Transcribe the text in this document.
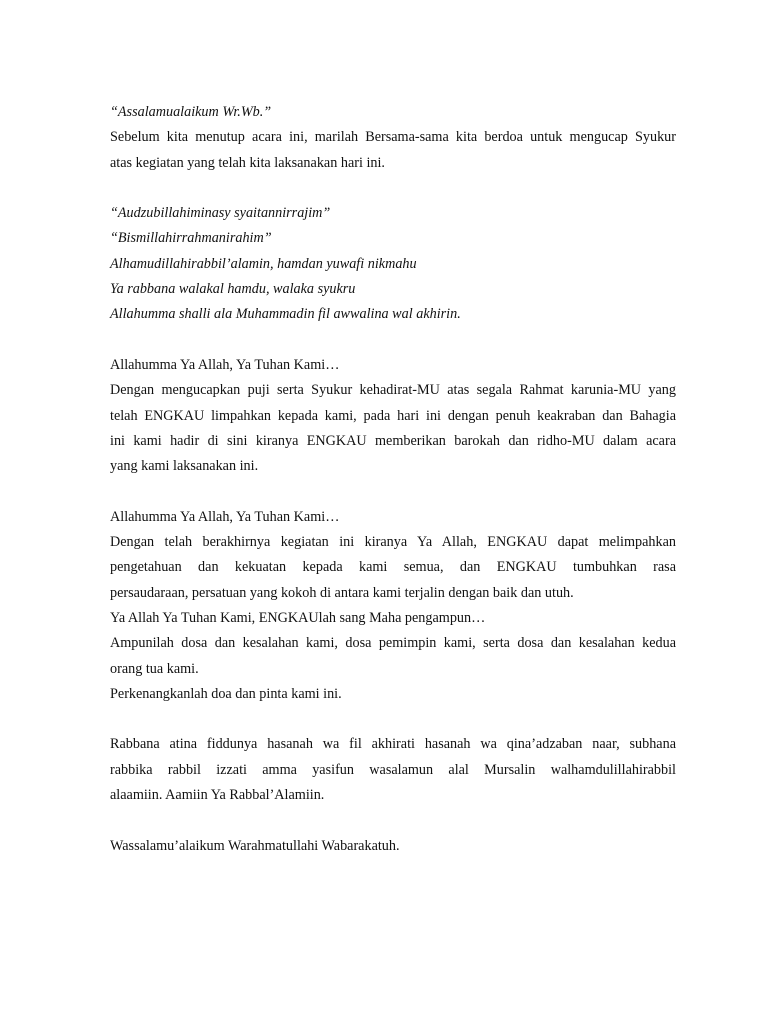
“Assalamualaikum Wr.Wb.”
Sebelum kita menutup acara ini, marilah Bersama-sama kita berdoa untuk mengucap Syukur
atas kegiatan yang telah kita laksanakan hari ini.
“Audzubillahiminasy syaitannirrajim”
“Bismillahirrahmanirahim”
Alhamudillahirabbil’alamin, hamdan yuwafi nikmahu
Ya rabbana walakal hamdu, walaka syukru
Allahumma shalli ala Muhammadin fil awwalina wal akhirin.
Allahumma Ya Allah, Ya Tuhan Kami…
Dengan mengucapkan puji serta Syukur kehadirat-MU atas segala Rahmat karunia-MU yang
telah ENGKAU limpahkan kepada kami, pada hari ini dengan penuh keakraban dan Bahagia
ini kami hadir di sini kiranya ENGKAU memberikan barokah dan ridho-MU dalam acara
yang kami laksanakan ini.
Allahumma Ya Allah, Ya Tuhan Kami…
Dengan telah berakhirnya kegiatan ini kiranya Ya Allah, ENGKAU dapat melimpahkan
pengetahuan dan kekuatan kepada kami semua, dan ENGKAU tumbuhkan rasa
persaudaraan, persatuan yang kokoh di antara kami terjalin dengan baik dan utuh.
Ya Allah Ya Tuhan Kami, ENGKAUlah sang Maha pengampun…
Ampunilah dosa dan kesalahan kami, dosa pemimpin kami, serta dosa dan kesalahan kedua
orang tua kami.
Perkenangkanlah doa dan pinta kami ini.
Rabbana atina fiddunya hasanah wa fil akhirati hasanah wa qina’adzaban naar, subhana
rabbika rabbil izzati amma yasifun wasalamun alal Mursalin walhamdulillahirabbil
alaamiin. Aamiin Ya Rabbal’Alamiin.
Wassalamu’alaikum Warahmatullahi Wabarakatuh.
